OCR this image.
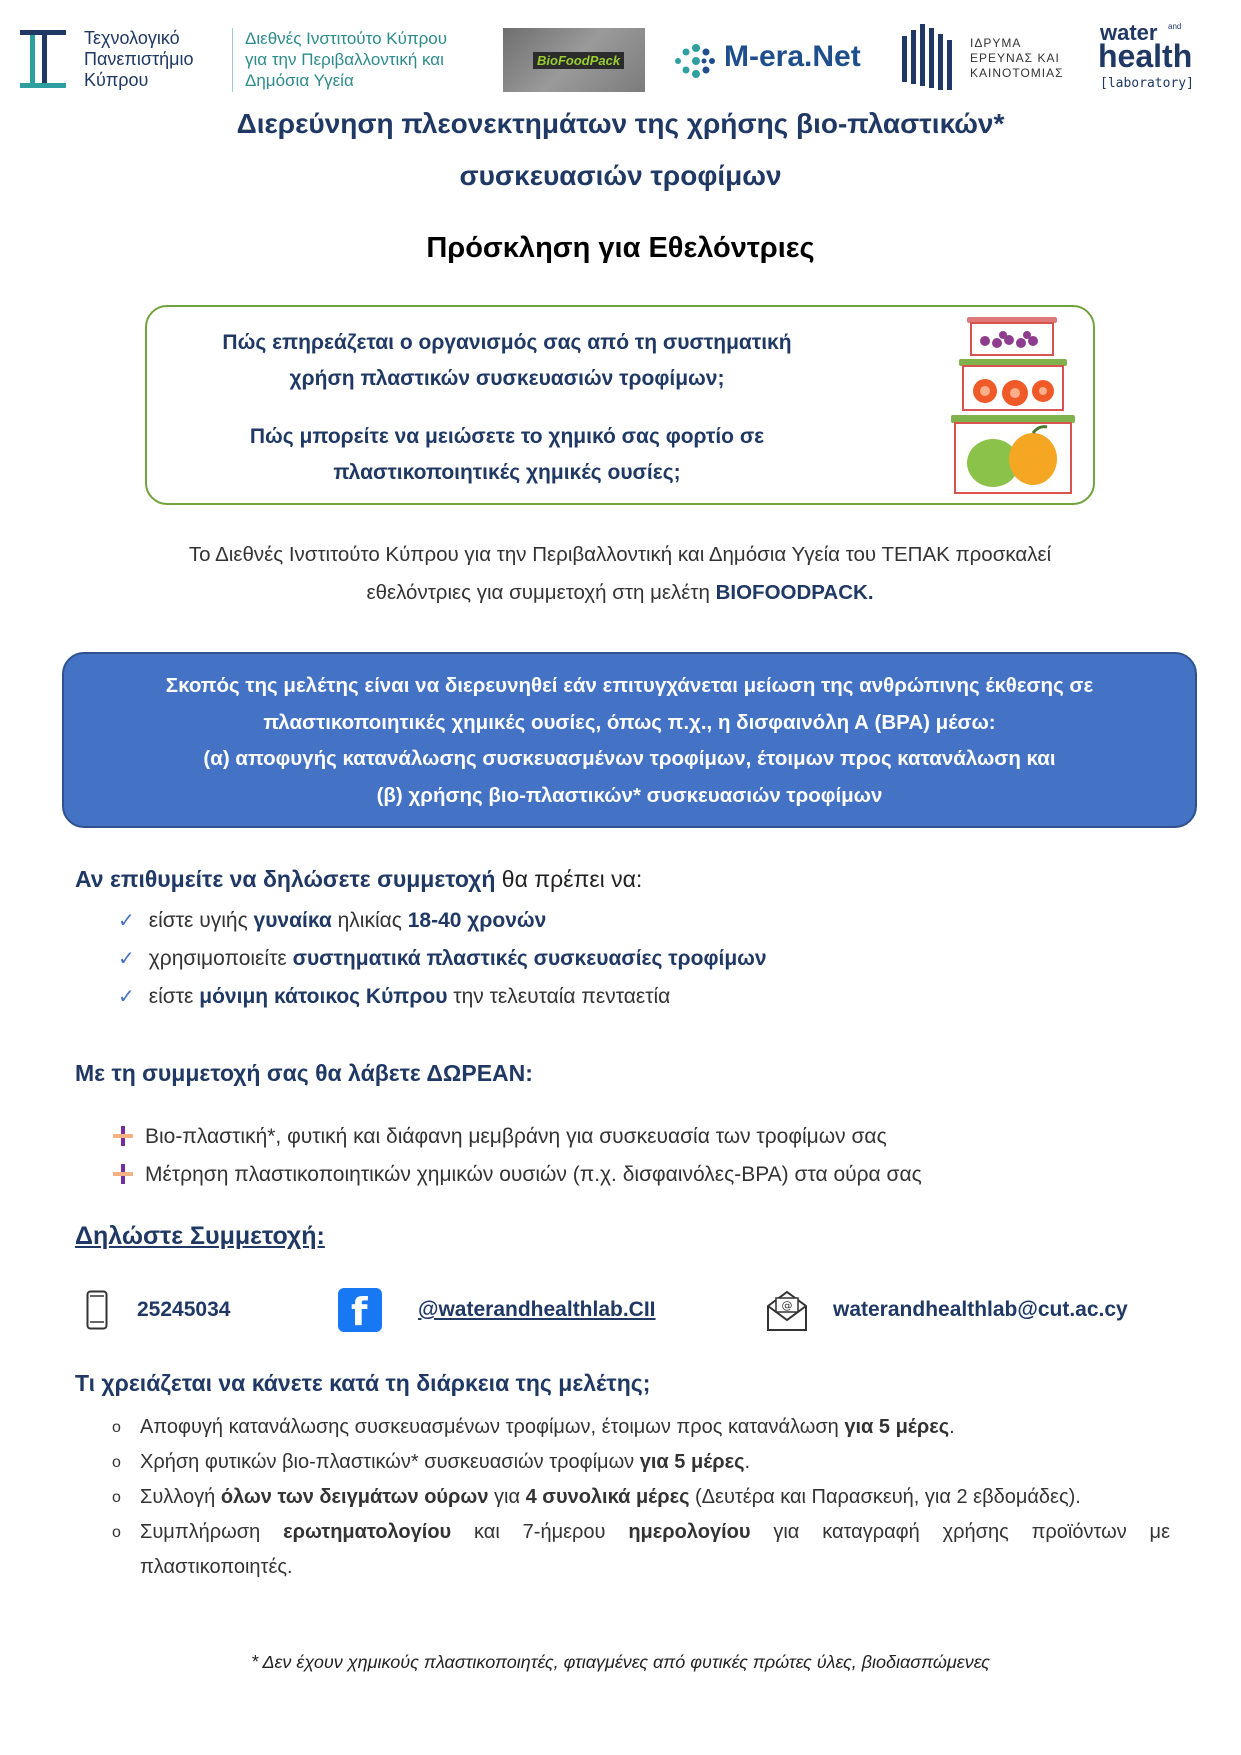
Τεχνολογικό
Πανεπιστήμιο
Κύπρου
Διεθνές Ινστιτούτο Κύπρου
για την Περιβαλλοντική και
Δημόσια Υγεία
BioFoodPack	M-era.Net	ΙΔΡΥΜΑ
ΕΡΕΥΝΑΣ ΚΑΙ
ΚΑΙΝΟΤΟΜΙΑΣ
water and
health
[laboratory]
Διερεύνηση πλεονεκτημάτων της χρήσης βιο-πλαστικών*
συσκευασιών τροφίμων
Πρόσκληση για Εθελόντριες
Πώς επηρεάζεται ο οργανισμός σας από τη συστηματική
χρήση πλαστικών συσκευασιών τροφίμων;
Πώς μπορείτε να μειώσετε το χημικό σας φορτίο σε
πλαστικοποιητικές χημικές ουσίες;
Το Διεθνές Ινστιτούτο Κύπρου για την Περιβαλλοντική και Δημόσια Υγεία του ΤΕΠΑΚ προσκαλεί
εθελόντριες για συμμετοχή στη μελέτη BIOFOODPACK.
Σκοπός της μελέτης είναι να διερευνηθεί εάν επιτυγχάνεται μείωση της ανθρώπινης έκθεσης σε
πλαστικοποιητικές χημικές ουσίες, όπως π.χ., η δισφαινόλη Α (BPA) μέσω:
(α) αποφυγής κατανάλωσης συσκευασμένων τροφίμων, έτοιμων προς κατανάλωση και
(β) χρήσης βιο-πλαστικών* συσκευασιών τροφίμων
Αν επιθυμείτε να δηλώσετε συμμετοχή θα πρέπει να:
✓ είστε υγιής γυναίκα ηλικίας 18-40 χρονών
✓ χρησιμοποιείτε συστηματικά πλαστικές συσκευασίες τροφίμων
✓ είστε μόνιμη κάτοικος Κύπρου την τελευταία πενταετία
Με τη συμμετοχή σας θα λάβετε ΔΩΡΕΑΝ:
Βιο-πλαστική*, φυτική και διάφανη μεμβράνη για συσκευασία των τροφίμων σας
Μέτρηση πλαστικοποιητικών χημικών ουσιών (π.χ. δισφαινόλες-BPA) στα ούρα σας
Δηλώστε Συμμετοχή:
25245034	f @waterandhealthlab.CII	@ waterandhealthlab@cut.ac.cy
Τι χρειάζεται να κάνετε κατά τη διάρκεια της μελέτης;
o Αποφυγή κατανάλωσης συσκευασμένων τροφίμων, έτοιμων προς κατανάλωση για 5 μέρες.
o Χρήση φυτικών βιο-πλαστικών* συσκευασιών τροφίμων για 5 μέρες.
o Συλλογή όλων των δειγμάτων ούρων για 4 συνολικά μέρες (Δευτέρα και Παρασκευή, για 2 εβδομάδες).
o Συμπλήρωση ερωτηματολογίου και 7-ήμερου ημερολογίου για καταγραφή χρήσης προϊόντων με πλαστικοποιητές.
* Δεν έχουν χημικούς πλαστικοποιητές, φτιαγμένες από φυτικές πρώτες ύλες, βιοδιασπώμενες
